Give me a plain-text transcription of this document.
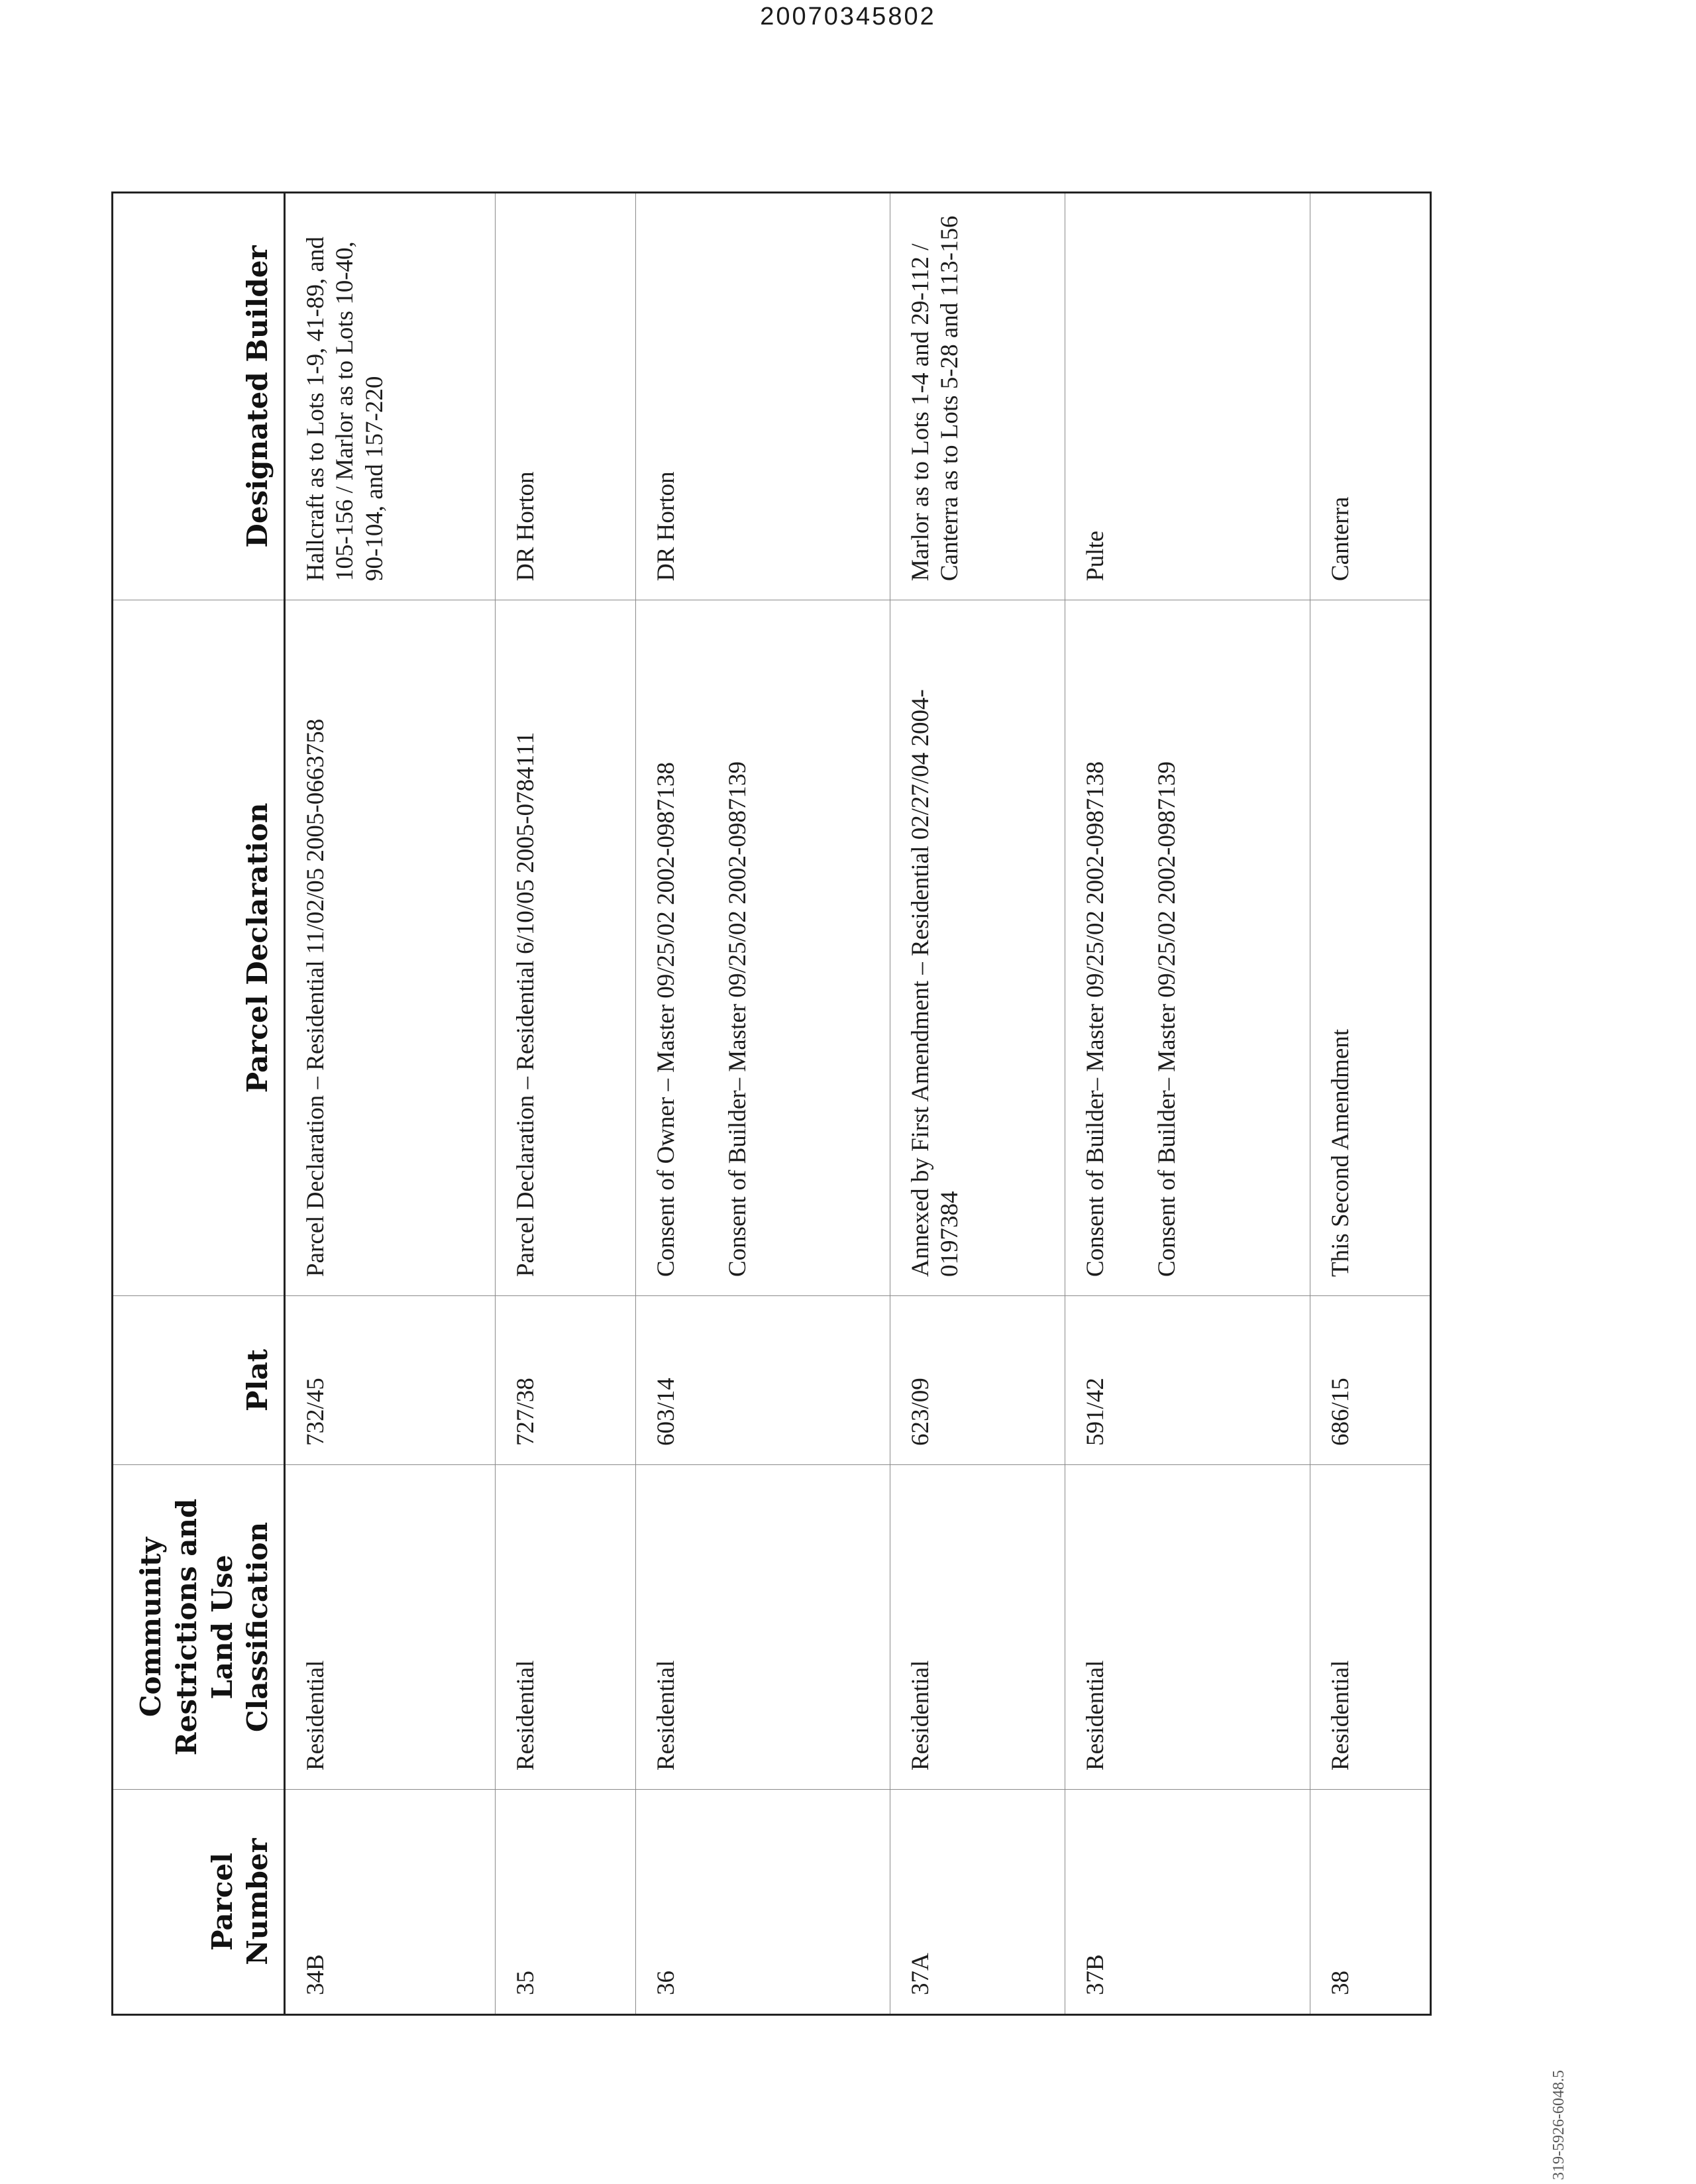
20070345802
Parcel Number	Community Restrictions and Land Use Classification	Plat	Parcel Declaration	Designated Builder
34B	Residential	732/45	Parcel Declaration – Residential 11/02/05 2005-0663758	Hallcraft as to Lots 1-9, 41-89, and 105-156 / Marlor as to Lots 10-40, 90-104, and 157-220
35	Residential	727/38	Parcel Declaration – Residential 6/10/05 2005-0784111	DR Horton
36	Residential	603/14	Consent of Owner – Master 09/25/02 2002-0987138 Consent of Builder– Master 09/25/02 2002-0987139	DR Horton
37A	Residential	623/09	Annexed by First Amendment – Residential 02/27/04 2004-0197384	Marlor as to Lots 1-4 and 29-112 / Canterra as to Lots 5-28 and 113-156
37B	Residential	591/42	Consent of Builder– Master 09/25/02 2002-0987138 Consent of Builder– Master 09/25/02 2002-0987139	Pulte
38	Residential	686/15	This Second Amendment	Canterra
319-5926-6048.5
